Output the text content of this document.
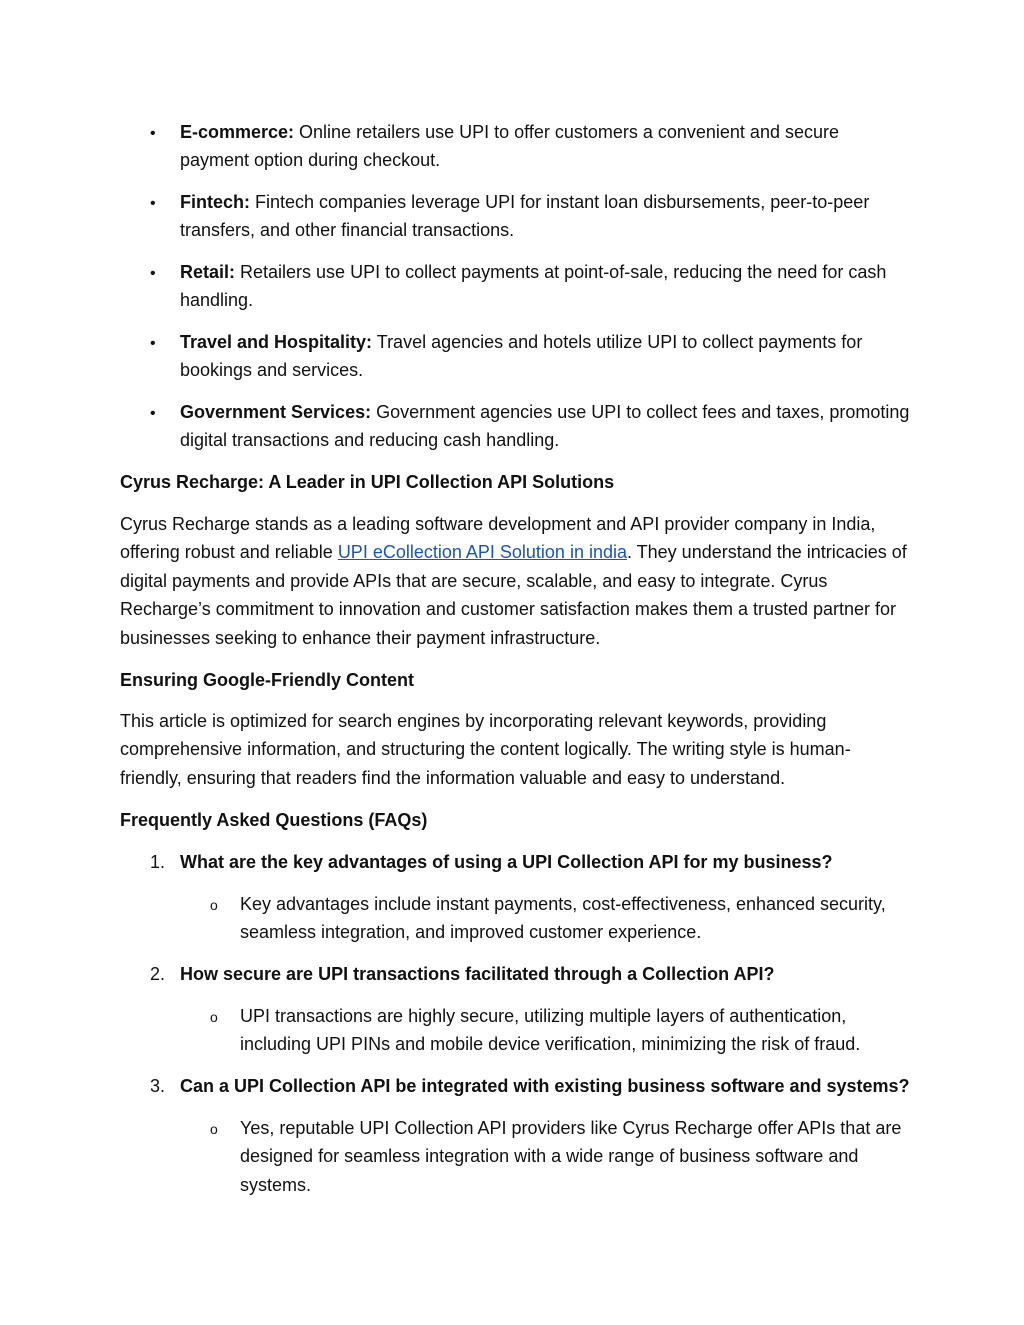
• E-commerce: Online retailers use UPI to offer customers a convenient and secure payment option during checkout.
• Fintech: Fintech companies leverage UPI for instant loan disbursements, peer-to-peer transfers, and other financial transactions.
• Retail: Retailers use UPI to collect payments at point-of-sale, reducing the need for cash handling.
• Travel and Hospitality: Travel agencies and hotels utilize UPI to collect payments for bookings and services.
• Government Services: Government agencies use UPI to collect fees and taxes, promoting digital transactions and reducing cash handling.
Cyrus Recharge: A Leader in UPI Collection API Solutions
Cyrus Recharge stands as a leading software development and API provider company in India, offering robust and reliable UPI eCollection API Solution in india. They understand the intricacies of digital payments and provide APIs that are secure, scalable, and easy to integrate. Cyrus Recharge’s commitment to innovation and customer satisfaction makes them a trusted partner for businesses seeking to enhance their payment infrastructure.
Ensuring Google-Friendly Content
This article is optimized for search engines by incorporating relevant keywords, providing comprehensive information, and structuring the content logically. The writing style is human-friendly, ensuring that readers find the information valuable and easy to understand.
Frequently Asked Questions (FAQs)
1. What are the key advantages of using a UPI Collection API for my business?
o Key advantages include instant payments, cost-effectiveness, enhanced security, seamless integration, and improved customer experience.
2. How secure are UPI transactions facilitated through a Collection API?
o UPI transactions are highly secure, utilizing multiple layers of authentication, including UPI PINs and mobile device verification, minimizing the risk of fraud.
3. Can a UPI Collection API be integrated with existing business software and systems?
o Yes, reputable UPI Collection API providers like Cyrus Recharge offer APIs that are designed for seamless integration with a wide range of business software and systems.
